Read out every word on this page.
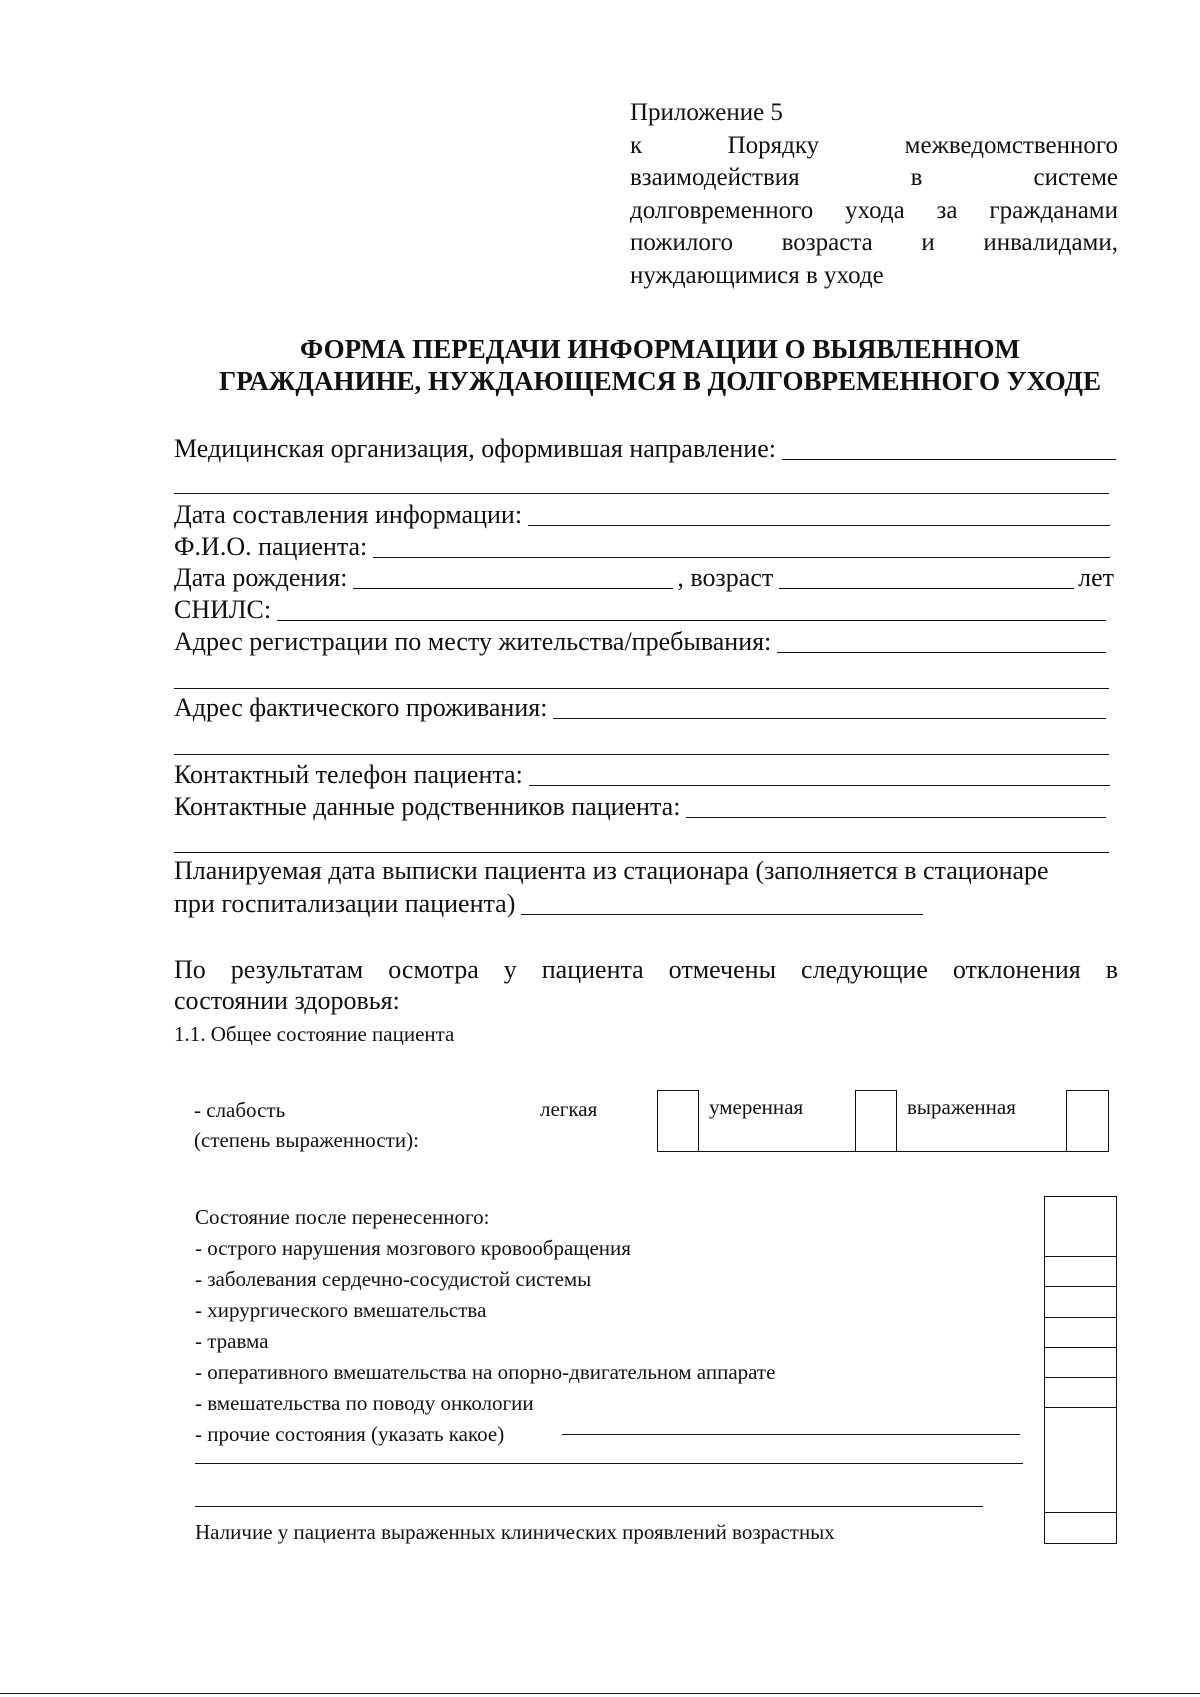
Приложение 5
к Порядку межведомственного
взаимодействия в системе
долговременного ухода за гражданами
пожилого возраста и инвалидами,
нуждающимися в уходе
ФОРМА ПЕРЕДАЧИ ИНФОРМАЦИИ О ВЫЯВЛЕННОМ
ГРАЖДАНИНЕ, НУЖДАЮЩЕМСЯ В ДОЛГОВРЕМЕННОГО УХОДЕ
Медицинская организация, оформившая направление:
Дата составления информации:
Ф.И.О. пациента:
Дата рождения:	, возраст	лет
СНИЛС:
Адрес регистрации по месту жительства/пребывания:
Адрес фактического проживания:
Контактный телефон пациента:
Контактные данные родственников пациента:
Планируемая дата выписки пациента из стационара (заполняется в стационаре
при госпитализации пациента)
По результатам осмотра у пациента отмечены следующие отклонения в
состоянии здоровья:
1.1. Общее состояние пациента
- слабость
(степень выраженности):
легкая	умеренная	выраженная
Состояние после перенесенного:
- острого нарушения мозгового кровообращения
- заболевания сердечно-сосудистой системы
- хирургического вмешательства
- травма
- оперативного вмешательства на опорно-двигательном аппарате
- вмешательства по поводу онкологии
- прочие состояния (указать какое)
Наличие у пациента выраженных клинических проявлений возрастных
